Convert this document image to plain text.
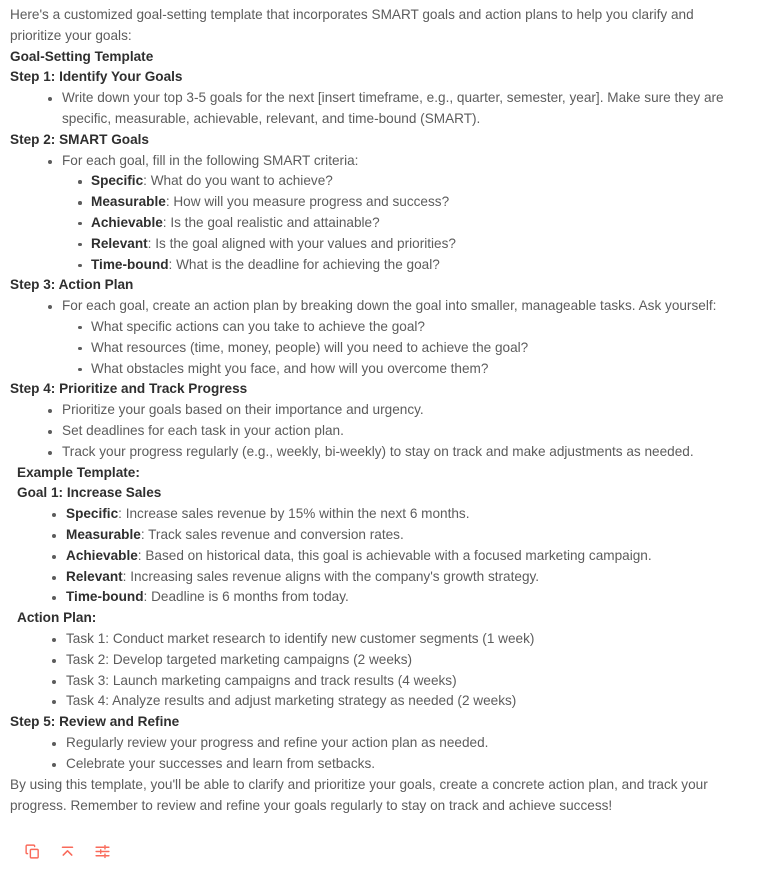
Here's a customized goal-setting template that incorporates SMART goals and action plans to help you clarify and prioritize your goals:

Goal-Setting Template
Step 1: Identify Your Goals
Write down your top 3-5 goals for the next [insert timeframe, e.g., quarter, semester, year]. Make sure they are specific, measurable, achievable, relevant, and time-bound (SMART).
Step 2: SMART Goals
For each goal, fill in the following SMART criteria:
Specific: What do you want to achieve?
Measurable: How will you measure progress and success?
Achievable: Is the goal realistic and attainable?
Relevant: Is the goal aligned with your values and priorities?
Time-bound: What is the deadline for achieving the goal?
Step 3: Action Plan
For each goal, create an action plan by breaking down the goal into smaller, manageable tasks. Ask yourself:
What specific actions can you take to achieve the goal?
What resources (time, money, people) will you need to achieve the goal?
What obstacles might you face, and how will you overcome them?
Step 4: Prioritize and Track Progress
Prioritize your goals based on their importance and urgency.
Set deadlines for each task in your action plan.
Track your progress regularly (e.g., weekly, bi-weekly) to stay on track and make adjustments as needed.
Example Template:
Goal 1: Increase Sales
Specific: Increase sales revenue by 15% within the next 6 months.
Measurable: Track sales revenue and conversion rates.
Achievable: Based on historical data, this goal is achievable with a focused marketing campaign.
Relevant: Increasing sales revenue aligns with the company's growth strategy.
Time-bound: Deadline is 6 months from today.
Action Plan:
Task 1: Conduct market research to identify new customer segments (1 week)
Task 2: Develop targeted marketing campaigns (2 weeks)
Task 3: Launch marketing campaigns and track results (4 weeks)
Task 4: Analyze results and adjust marketing strategy as needed (2 weeks)
Step 5: Review and Refine
Regularly review your progress and refine your action plan as needed.
Celebrate your successes and learn from setbacks.

By using this template, you'll be able to clarify and prioritize your goals, create a concrete action plan, and track your progress. Remember to review and refine your goals regularly to stay on track and achieve success!
